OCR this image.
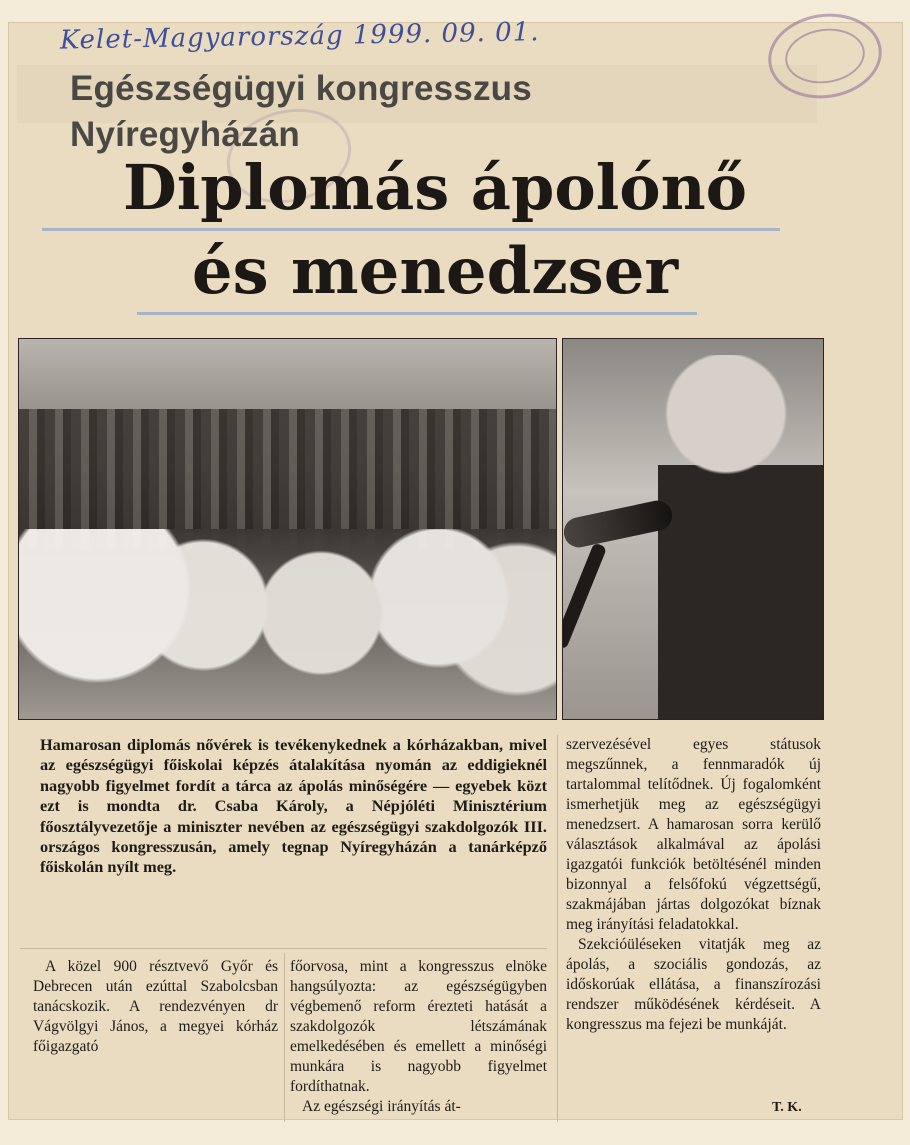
Kelet-Magyarország 1999. 09. 01.
Egészségügyi kongresszus Nyíregyházán
Diplomás ápolónő
és menedzser
Hamarosan diplomás nővérek is tevékenykednek a kórházakban, mivel az egészségügyi főiskolai képzés átalakítása nyomán az eddigieknél nagyobb figyelmet fordít a tárca az ápolás minőségére — egyebek közt ezt is mondta dr. Csaba Károly, a Népjóléti Minisztérium főosztályvezetője a miniszter nevében az egészségügyi szakdolgozók III. országos kongresszusán, amely tegnap Nyíregyházán a tanárképző főiskolán nyílt meg.
A közel 900 résztvevő Győr és Debrecen után ezúttal Szabolcsban tanácskozik. A rendezvényen dr Vágvölgyi János, a megyei kórház főigazgató
főorvosa, mint a kongresszus elnöke hangsúlyozta: az egészségügyben végbemenő reform érezteti hatását a szakdolgozók létszámának emelkedésében és emellett a minőségi munkára is nagyobb figyelmet fordíthatnak.
Az egészségi irányítás át-
szervezésével egyes státusok megszűnnek, a fennmaradók új tartalommal telítődnek. Új fogalomként ismerhetjük meg az egészségügyi menedzsert. A hamarosan sorra kerülő választások alkalmával az ápolási igazgatói funkciók betöltésénél minden bizonnyal a felsőfokú végzettségű, szakmájában jártas dolgozókat bíznak meg irányítási feladatokkal.
Szekcióüléseken vitatják meg az ápolás, a szociális gondozás, az időskorúak ellátása, a finanszírozási rendszer működésének kérdéseit. A kongresszus ma fejezi be munkáját.
T. K.
